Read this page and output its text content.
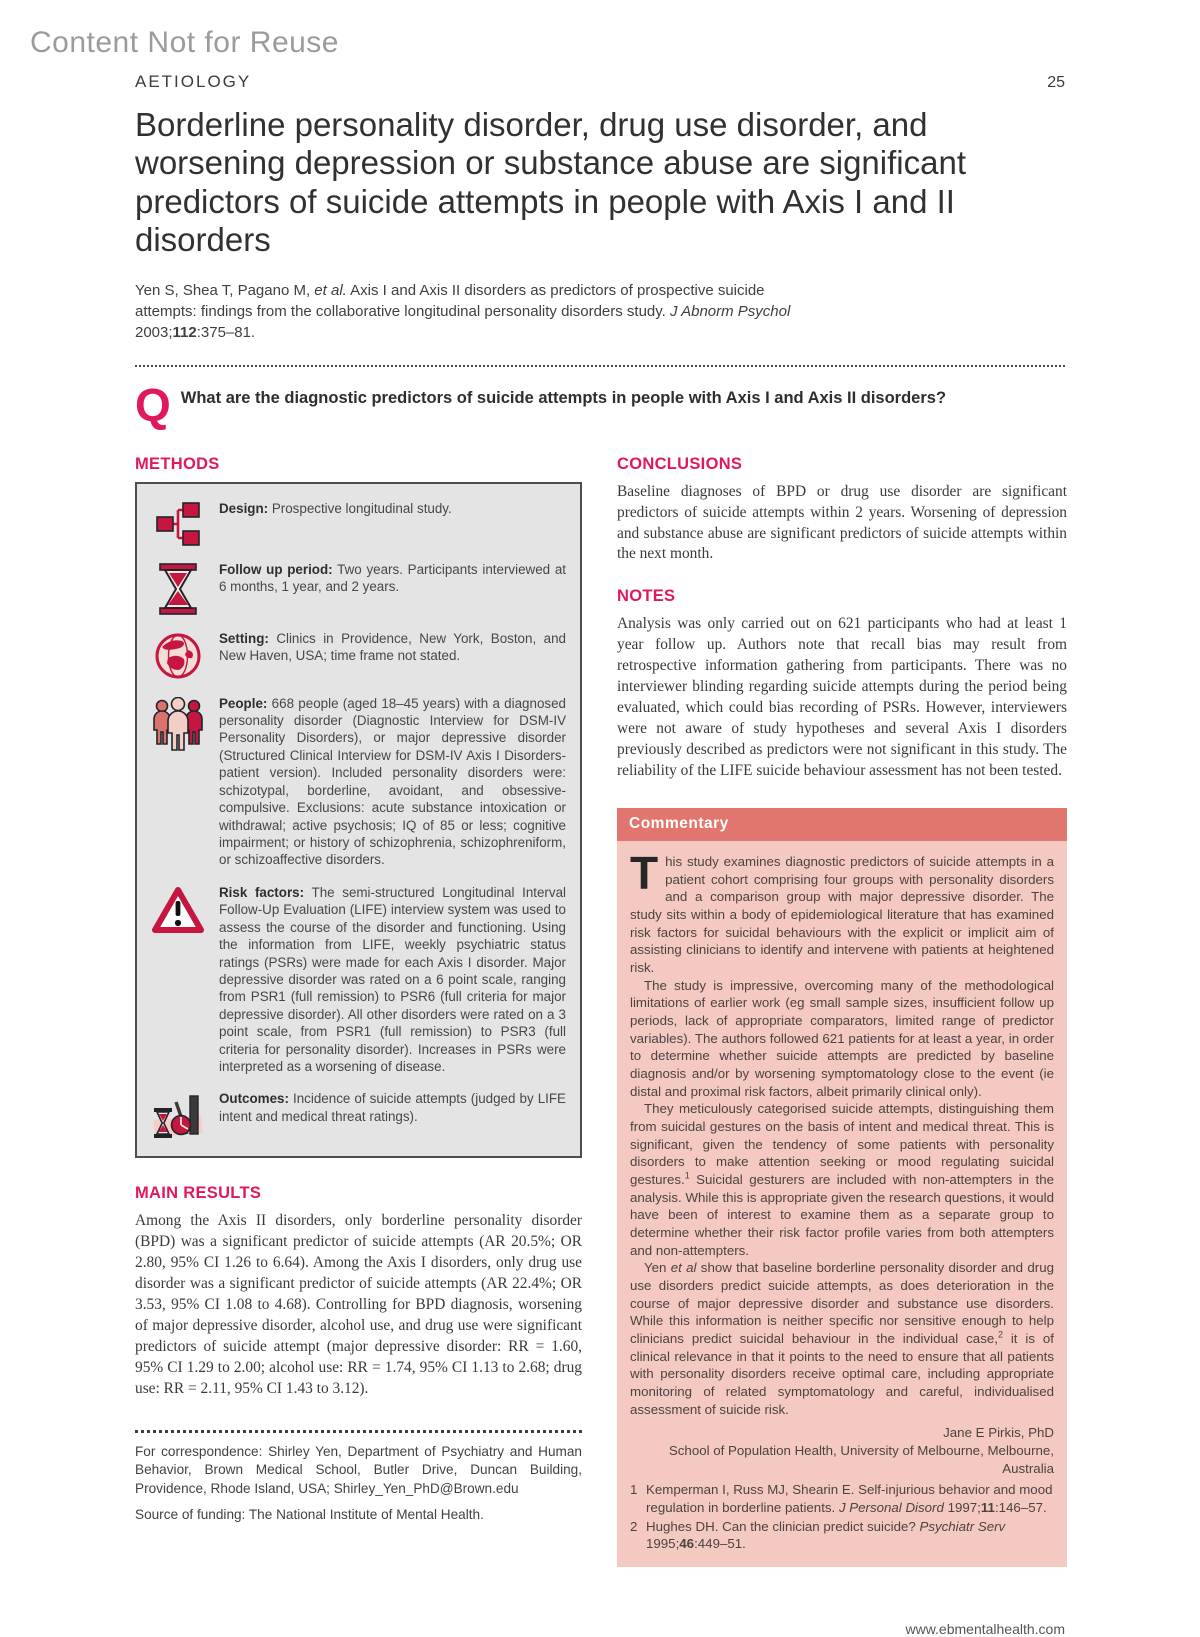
Content Not for Reuse
AETIOLOGY	25
Borderline personality disorder, drug use disorder, and worsening depression or substance abuse are significant predictors of suicide attempts in people with Axis I and II disorders

Yen S, Shea T, Pagano M, et al. Axis I and Axis II disorders as predictors of prospective suicide attempts: findings from the collaborative longitudinal personality disorders study. J Abnorm Psychol 2003;112:375–81.

Q What are the diagnostic predictors of suicide attempts in people with Axis I and Axis II disorders?
METHODS

Design: Prospective longitudinal study.

Follow up period: Two years. Participants interviewed at 6 months, 1 year, and 2 years.

Setting: Clinics in Providence, New York, Boston, and New Haven, USA; time frame not stated.

People: 668 people (aged 18–45 years) with a diagnosed personality disorder (Diagnostic Interview for DSM-IV Personality Disorders), or major depressive disorder (Structured Clinical Interview for DSM-IV Axis I Disorders-patient version). Included personality disorders were: schizotypal, borderline, avoidant, and obsessive-compulsive. Exclusions: acute substance intoxication or withdrawal; active psychosis; IQ of 85 or less; cognitive impairment; or history of schizophrenia, schizophreniform, or schizoaffective disorders.

Risk factors: The semi-structured Longitudinal Interval Follow-Up Evaluation (LIFE) interview system was used to assess the course of the disorder and functioning. Using the information from LIFE, weekly psychiatric status ratings (PSRs) were made for each Axis I disorder. Major depressive disorder was rated on a 6 point scale, ranging from PSR1 (full remission) to PSR6 (full criteria for major depressive disorder). All other disorders were rated on a 3 point scale, from PSR1 (full remission) to PSR3 (full criteria for personality disorder). Increases in PSRs were interpreted as a worsening of disease.

Outcomes: Incidence of suicide attempts (judged by LIFE intent and medical threat ratings).

MAIN RESULTS

Among the Axis II disorders, only borderline personality disorder (BPD) was a significant predictor of suicide attempts (AR 20.5%; OR 2.80, 95% CI 1.26 to 6.64). Among the Axis I disorders, only drug use disorder was a significant predictor of suicide attempts (AR 22.4%; OR 3.53, 95% CI 1.08 to 4.68). Controlling for BPD diagnosis, worsening of major depressive disorder, alcohol use, and drug use were significant predictors of suicide attempt (major depressive disorder: RR = 1.60, 95% CI 1.29 to 2.00; alcohol use: RR = 1.74, 95% CI 1.13 to 2.68; drug use: RR = 2.11, 95% CI 1.43 to 3.12).

For correspondence: Shirley Yen, Department of Psychiatry and Human Behavior, Brown Medical School, Butler Drive, Duncan Building, Providence, Rhode Island, USA; Shirley_Yen_PhD@Brown.edu

Source of funding: The National Institute of Mental Health.

CONCLUSIONS

Baseline diagnoses of BPD or drug use disorder are significant predictors of suicide attempts within 2 years. Worsening of depression and substance abuse are significant predictors of suicide attempts within the next month.

NOTES

Analysis was only carried out on 621 participants who had at least 1 year follow up. Authors note that recall bias may result from retrospective information gathering from participants. There was no interviewer blinding regarding suicide attempts during the period being evaluated, which could bias recording of PSRs. However, interviewers were not aware of study hypotheses and several Axis I disorders previously described as predictors were not significant in this study. The reliability of the LIFE suicide behaviour assessment has not been tested.

Commentary

This study examines diagnostic predictors of suicide attempts in a patient cohort comprising four groups with personality disorders and a comparison group with major depressive disorder. The study sits within a body of epidemiological literature that has examined risk factors for suicidal behaviours with the explicit or implicit aim of assisting clinicians to identify and intervene with patients at heightened risk.

The study is impressive, overcoming many of the methodological limitations of earlier work (eg small sample sizes, insufficient follow up periods, lack of appropriate comparators, limited range of predictor variables). The authors followed 621 patients for at least a year, in order to determine whether suicide attempts are predicted by baseline diagnosis and/or by worsening symptomatology close to the event (ie distal and proximal risk factors, albeit primarily clinical only).

They meticulously categorised suicide attempts, distinguishing them from suicidal gestures on the basis of intent and medical threat. This is significant, given the tendency of some patients with personality disorders to make attention seeking or mood regulating suicidal gestures.$^1$ Suicidal gesturers are included with non-attempters in the analysis. While this is appropriate given the research questions, it would have been of interest to examine them as a separate group to determine whether their risk factor profile varies from both attempters and non-attempters.

Yen et al show that baseline borderline personality disorder and drug use disorders predict suicide attempts, as does deterioration in the course of major depressive disorder and substance use disorders. While this information is neither specific nor sensitive enough to help clinicians predict suicidal behaviour in the individual case,$^2$ it is of clinical relevance in that it points to the need to ensure that all patients with personality disorders receive optimal care, including appropriate monitoring of related symptomatology and careful, individualised assessment of suicide risk.

Jane E Pirkis, PhD
School of Population Health, University of Melbourne, Melbourne, Australia
1 Kemperman I, Russ MJ, Shearin E. Self-injurious behavior and mood regulation in borderline patients. J Personal Disord 1997;11:146–57.
2 Hughes DH. Can the clinician predict suicide? Psychiatr Serv 1995;46:449–51.
www.ebmentalhealth.com
